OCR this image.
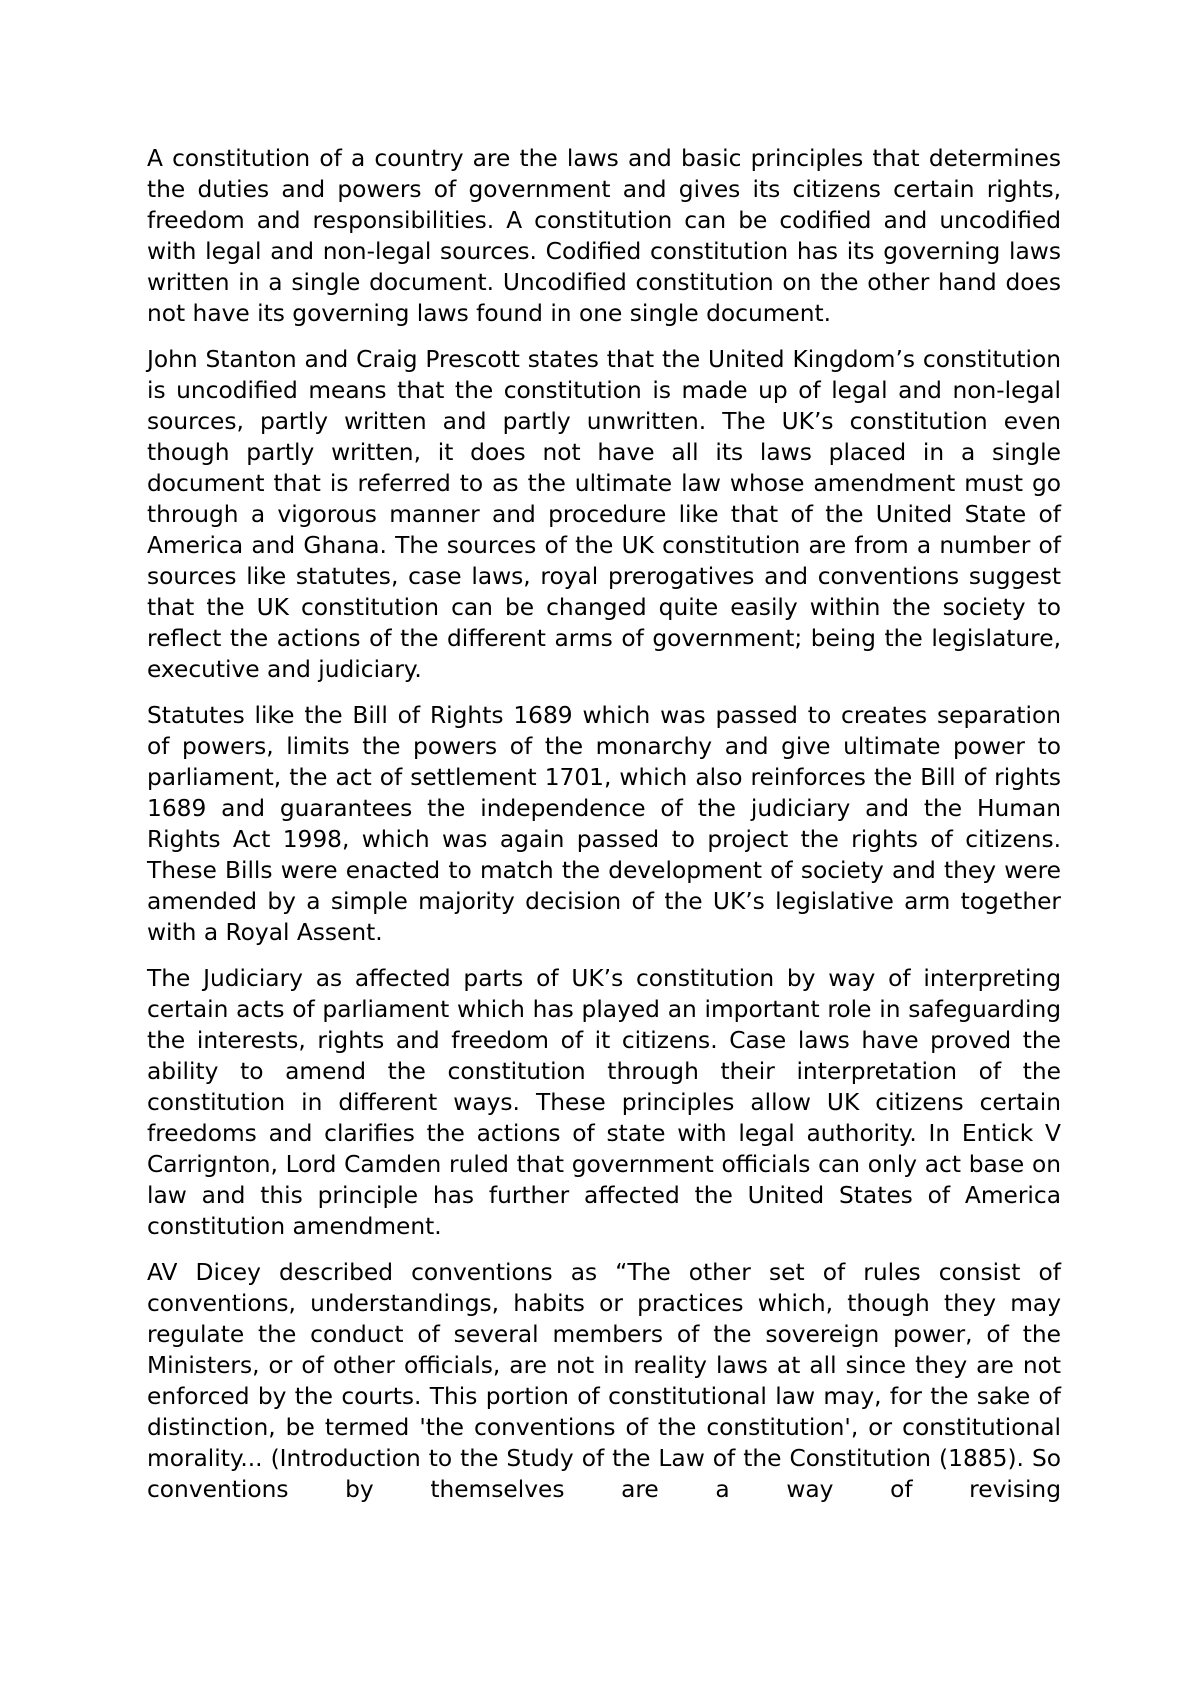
A constitution of a country are the laws and basic principles that determines the duties and powers of government and gives its citizens certain rights, freedom and responsibilities. A constitution can be codified and uncodified with legal and non-legal sources. Codified constitution has its governing laws written in a single document. Uncodified constitution on the other hand does not have its governing laws found in one single document.

John Stanton and Craig Prescott states that the United Kingdom’s constitution is uncodified means that the constitution is made up of legal and non-legal sources, partly written and partly unwritten. The UK’s constitution even though partly written, it does not have all its laws placed in a single document that is referred to as the ultimate law whose amendment must go through a vigorous manner and procedure like that of the United State of America and Ghana. The sources of the UK constitution are from a number of sources like statutes, case laws, royal prerogatives and conventions suggest that the UK constitution can be changed quite easily within the society to reflect the actions of the different arms of government; being the legislature, executive and judiciary.

Statutes like the Bill of Rights 1689 which was passed to creates separation of powers, limits the powers of the monarchy and give ultimate power to parliament, the act of settlement 1701, which also reinforces the Bill of rights 1689 and guarantees the independence of the judiciary and the Human Rights Act 1998, which was again passed to project the rights of citizens. These Bills were enacted to match the development of society and they were amended by a simple majority decision of the UK’s legislative arm together with a Royal Assent.

The Judiciary as affected parts of UK’s constitution by way of interpreting certain acts of parliament which has played an important role in safeguarding the interests, rights and freedom of it citizens. Case laws have proved the ability to amend the constitution through their interpretation of the constitution in different ways. These principles allow UK citizens certain freedoms and clarifies the actions of state with legal authority. In Entick V Carrignton, Lord Camden ruled that government officials can only act base on law and this principle has further affected the United States of America constitution amendment.

AV Dicey described conventions as “The other set of rules consist of conventions, understandings, habits or practices which, though they may regulate the conduct of several members of the sovereign power, of the Ministers, or of other officials, are not in reality laws at all since they are not enforced by the courts. This portion of constitutional law may, for the sake of distinction, be termed 'the conventions of the constitution', or constitutional morality... (Introduction to the Study of the Law of the Constitution (1885). So conventions by themselves are a way of revising
